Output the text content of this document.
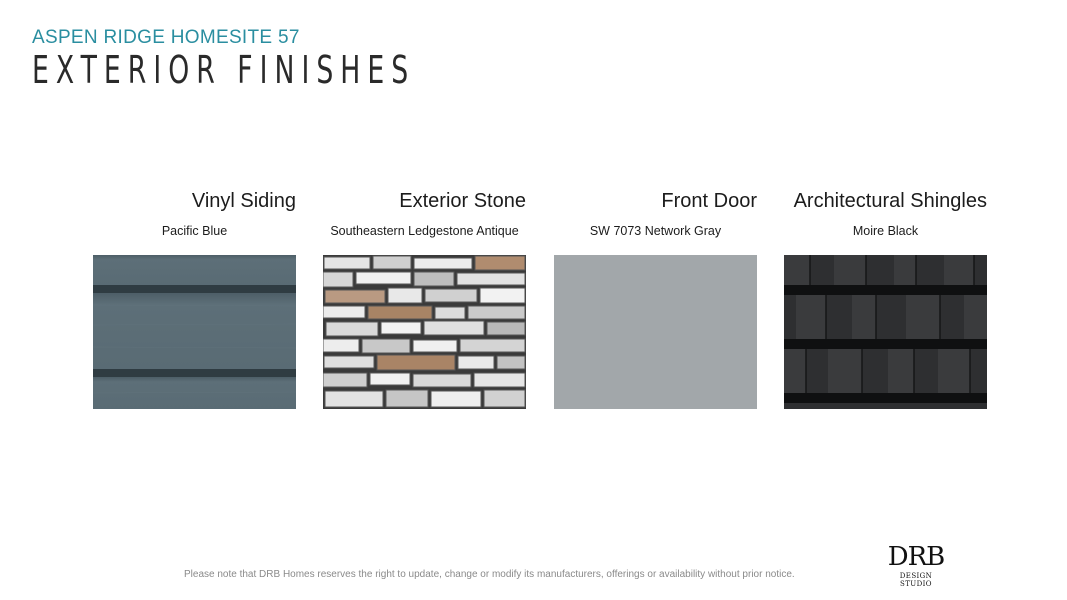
ASPEN RIDGE HOMESITE 57
EXTERIOR FINISHES
Vinyl Siding
Pacific Blue
Exterior Stone
Southeastern Ledgestone Antique
Front Door
SW 7073 Network Gray
Architectural Shingles
Moire Black
Please note that DRB Homes reserves the right to update, change or modify its manufacturers, offerings or availability without prior notice.
DRB
DESIGN STUDIO
